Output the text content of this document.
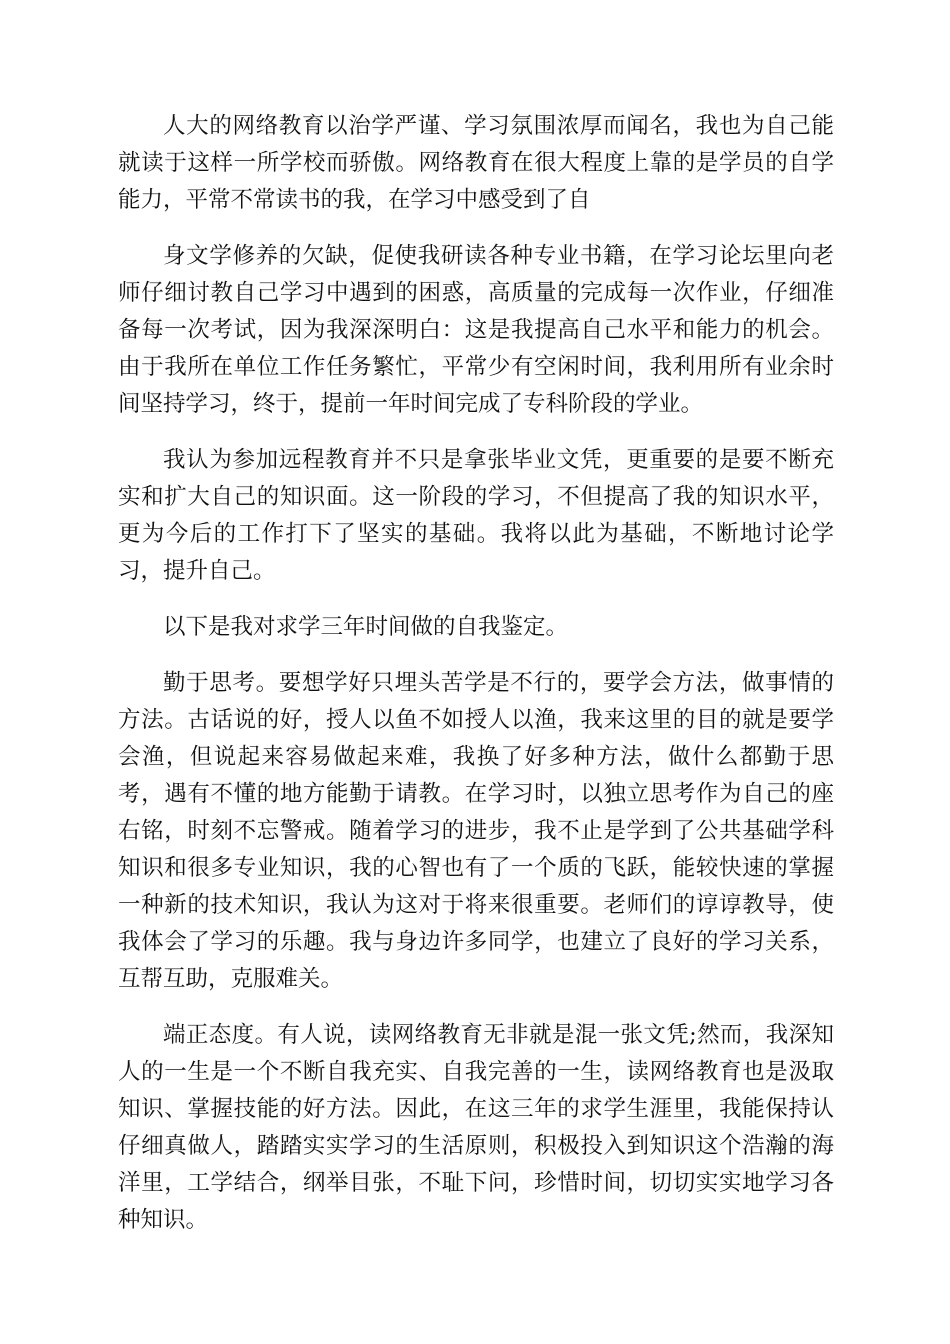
人大的网络教育以治学严谨、学习氛围浓厚而闻名，我也为自己能就读于这样一所学校而骄傲。网络教育在很大程度上靠的是学员的自学能力，平常不常读书的我，在学习中感受到了自

身文学修养的欠缺，促使我研读各种专业书籍，在学习论坛里向老师仔细讨教自己学习中遇到的困惑，高质量的完成每一次作业，仔细准备每一次考试，因为我深深明白：这是我提高自己水平和能力的机会。由于我所在单位工作任务繁忙，平常少有空闲时间，我利用所有业余时间坚持学习，终于，提前一年时间完成了专科阶段的学业。

我认为参加远程教育并不只是拿张毕业文凭，更重要的是要不断充实和扩大自己的知识面。这一阶段的学习，不但提高了我的知识水平，更为今后的工作打下了坚实的基础。我将以此为基础，不断地讨论学习，提升自己。

以下是我对求学三年时间做的自我鉴定。

勤于思考。要想学好只埋头苦学是不行的，要学会方法，做事情的方法。古话说的好，授人以鱼不如授人以渔，我来这里的目的就是要学会渔，但说起来容易做起来难，我换了好多种方法，做什么都勤于思考，遇有不懂的地方能勤于请教。在学习时，以独立思考作为自己的座右铭，时刻不忘警戒。随着学习的进步，我不止是学到了公共基础学科知识和很多专业知识，我的心智也有了一个质的飞跃，能较快速的掌握一种新的技术知识，我认为这对于将来很重要。老师们的谆谆教导，使我体会了学习的乐趣。我与身边许多同学，也建立了良好的学习关系，互帮互助，克服难关。

端正态度。有人说，读网络教育无非就是混一张文凭;然而，我深知人的一生是一个不断自我充实、自我完善的一生，读网络教育也是汲取知识、掌握技能的好方法。因此，在这三年的求学生涯里，我能保持认仔细真做人，踏踏实实学习的生活原则，积极投入到知识这个浩瀚的海洋里，工学结合，纲举目张，不耻下问，珍惜时间，切切实实地学习各种知识。
